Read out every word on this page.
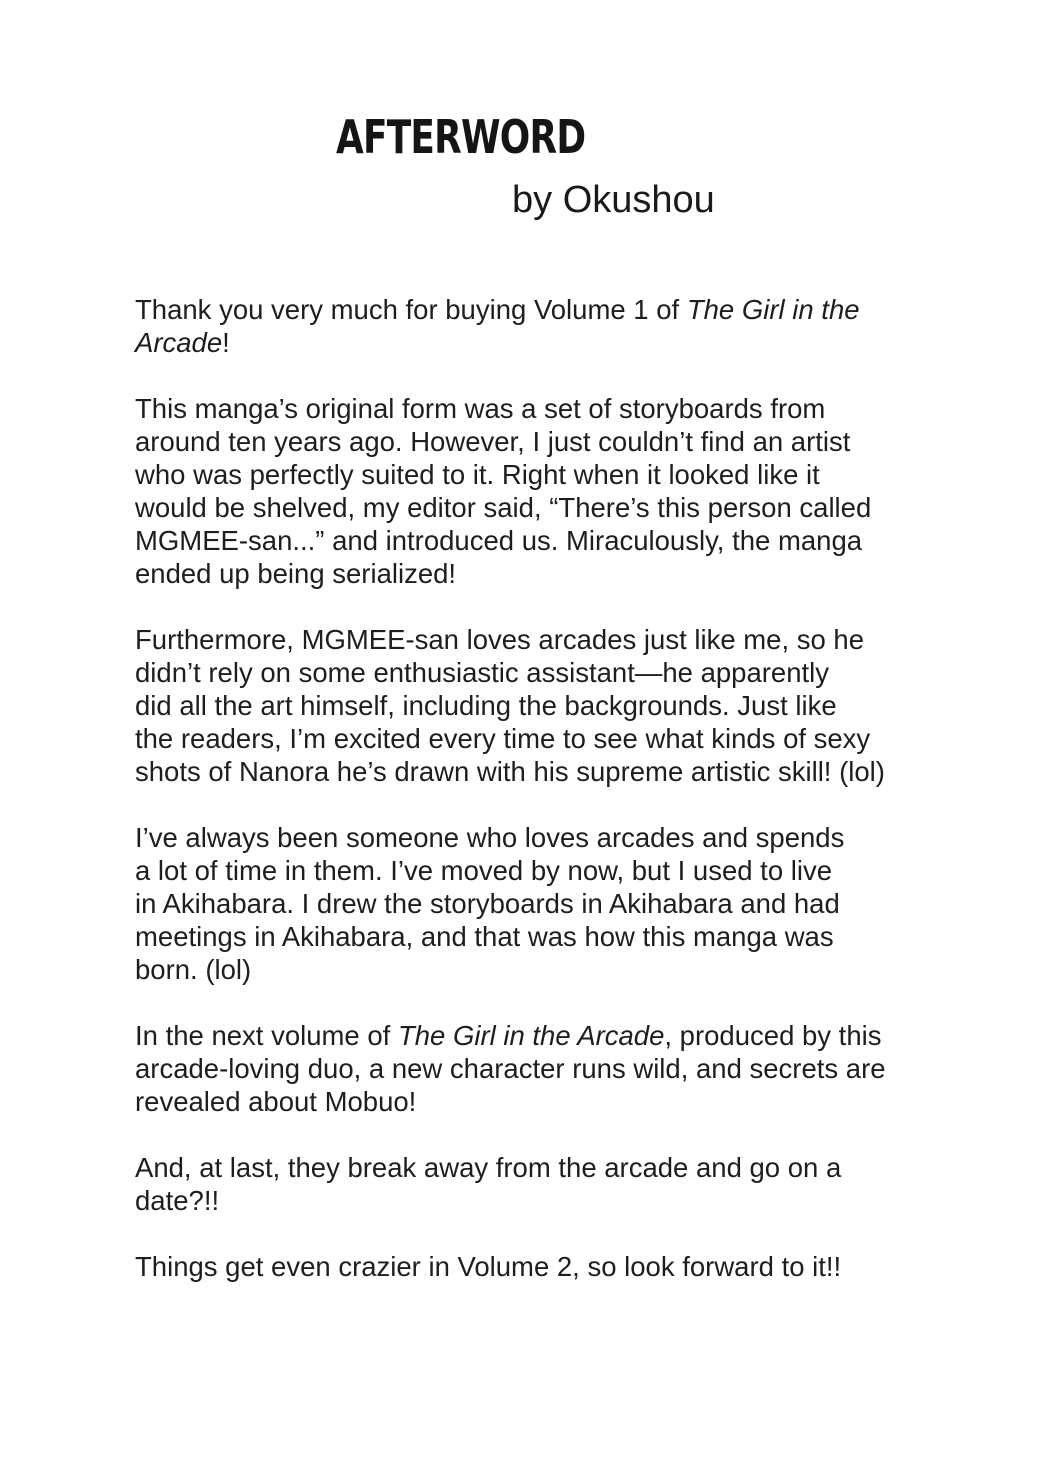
AFTERWORD

by Okushou

Thank you very much for buying Volume 1 of The Girl in the
Arcade!

This manga’s original form was a set of storyboards from
around ten years ago. However, I just couldn’t find an artist
who was perfectly suited to it. Right when it looked like it
would be shelved, my editor said, “There’s this person called
MGMEE-san...” and introduced us. Miraculously, the manga
ended up being serialized!

Furthermore, MGMEE-san loves arcades just like me, so he
didn’t rely on some enthusiastic assistant—he apparently
did all the art himself, including the backgrounds. Just like
the readers, I’m excited every time to see what kinds of sexy
shots of Nanora he’s drawn with his supreme artistic skill! (lol)

I’ve always been someone who loves arcades and spends
a lot of time in them. I’ve moved by now, but I used to live
in Akihabara. I drew the storyboards in Akihabara and had
meetings in Akihabara, and that was how this manga was
born. (lol)

In the next volume of The Girl in the Arcade, produced by this
arcade-loving duo, a new character runs wild, and secrets are
revealed about Mobuo!

And, at last, they break away from the arcade and go on a
date?!!

Things get even crazier in Volume 2, so look forward to it!!
